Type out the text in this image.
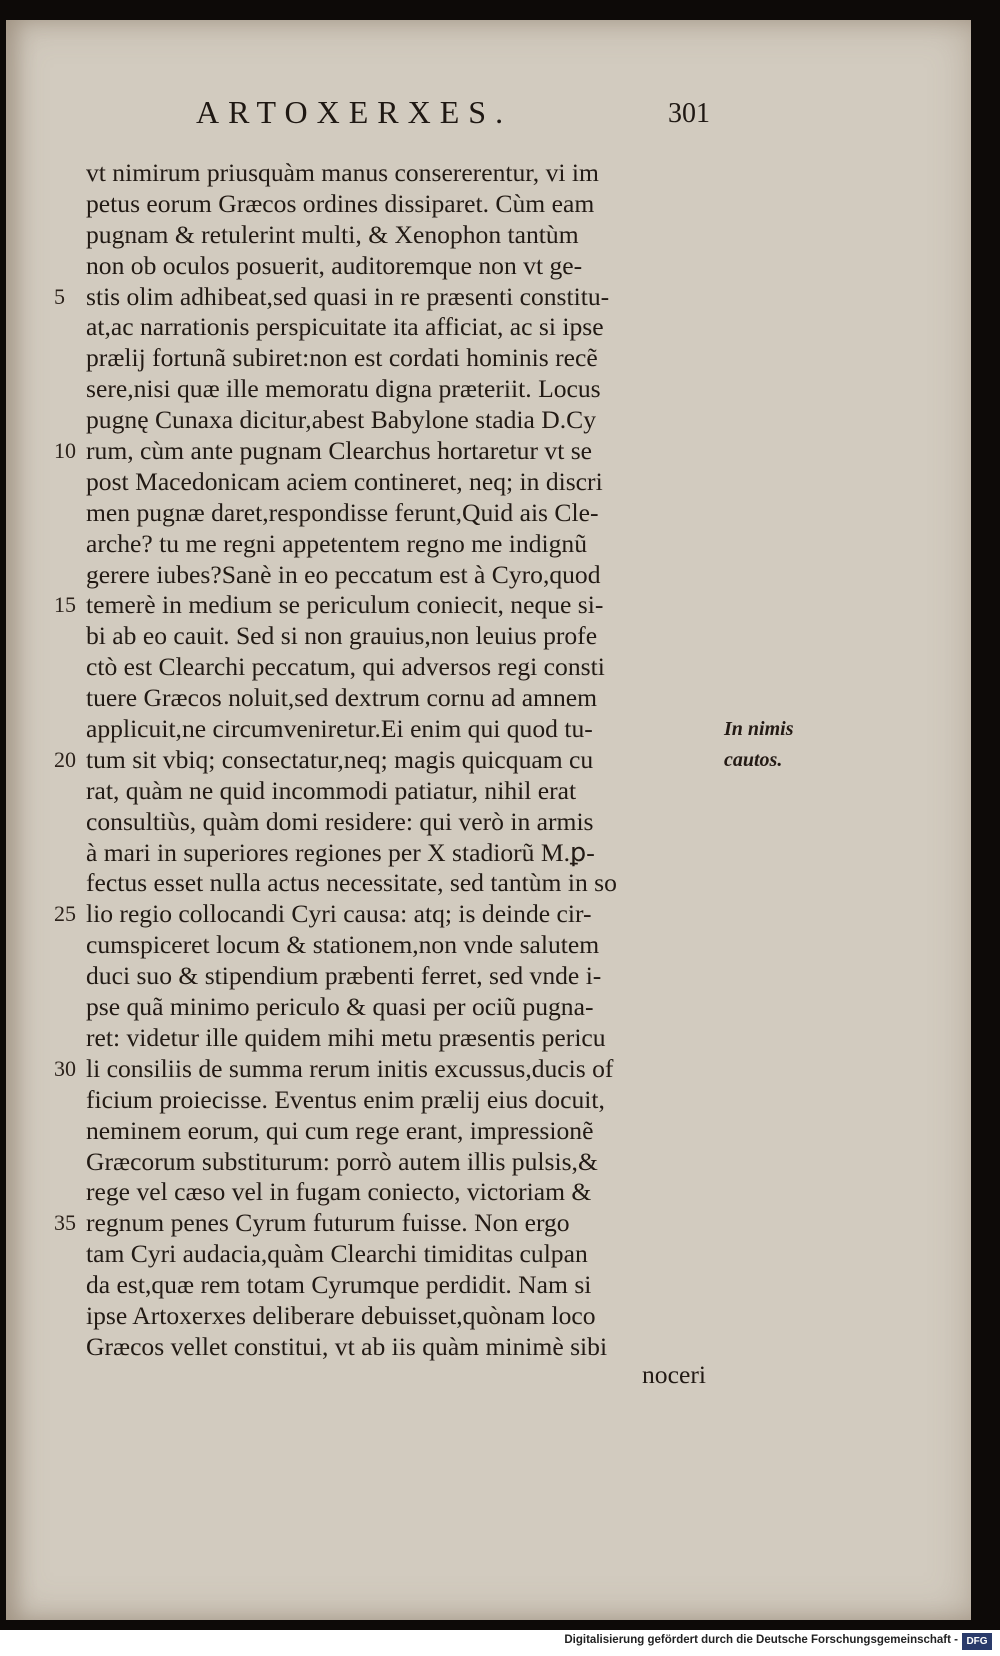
ARTOXERXES.	301
vt nimirum priusquàm manus consererentur, vi im
petus eorum Græcos ordines dissiparet. Cùm eam
pugnam & retulerint multi, & Xenophon tantùm
non ob oculos posuerit, auditoremque non vt ge-
5 stis olim adhibeat,sed quasi in re præsenti constitu-
at,ac narrationis perspicuitate ita afficiat, ac si ipse
prælij fortunã subiret:non est cordati hominis recẽ
sere,nisi quæ ille memoratu digna præteriit. Locus
pugnę Cunaxa dicitur,abest Babylone stadia D.Cy
10 rum, cùm ante pugnam Clearchus hortaretur vt se
post Macedonicam aciem contineret, neq; in discri
men pugnæ daret,respondisse ferunt,Quid ais Cle-
arche? tu me regni appetentem regno me indignũ
gerere iubes?Sanè in eo peccatum est à Cyro,quod
15 temerè in medium se periculum coniecit, neque si-
bi ab eo cauit. Sed si non grauius,non leuius profe
ctò est Clearchi peccatum, qui adversos regi consti
tuere Græcos noluit,sed dextrum cornu ad amnem
applicuit,ne circumveniretur.Ei enim qui quod tu-
20 tum sit vbiq; consectatur,neq; magis quicquam cu
rat, quàm ne quid incommodi patiatur, nihil erat
consultiùs, quàm domi residere: qui verò in armis
à mari in superiores regiones per X stadiorũ M.ꝑ-
fectus esset nulla actus necessitate, sed tantùm in so
25 lio regio collocandi Cyri causa: atq; is deinde cir-
cumspiceret locum & stationem,non vnde salutem
duci suo & stipendium præbenti ferret, sed vnde i-
pse quã minimo periculo & quasi per ociũ pugna-
ret: videtur ille quidem mihi metu præsentis pericu
30 li consiliis de summa rerum initis excussus,ducis of
ficium proiecisse. Eventus enim prælij eius docuit,
neminem eorum, qui cum rege erant, impressionẽ
Græcorum substiturum: porrò autem illis pulsis,&
rege vel cæso vel in fugam coniecto, victoriam &
35 regnum penes Cyrum futurum fuisse. Non ergo
tam Cyri audacia,quàm Clearchi timiditas culpan
da est,quæ rem totam Cyrumque perdidit. Nam si
ipse Artoxerxes deliberare debuisset,quònam loco
Græcos vellet constitui, vt ab iis quàm minimè sibi
In nimis
cautos.
noceri
Digitalisierung gefördert durch die Deutsche Forschungsgemeinschaft - DFG
